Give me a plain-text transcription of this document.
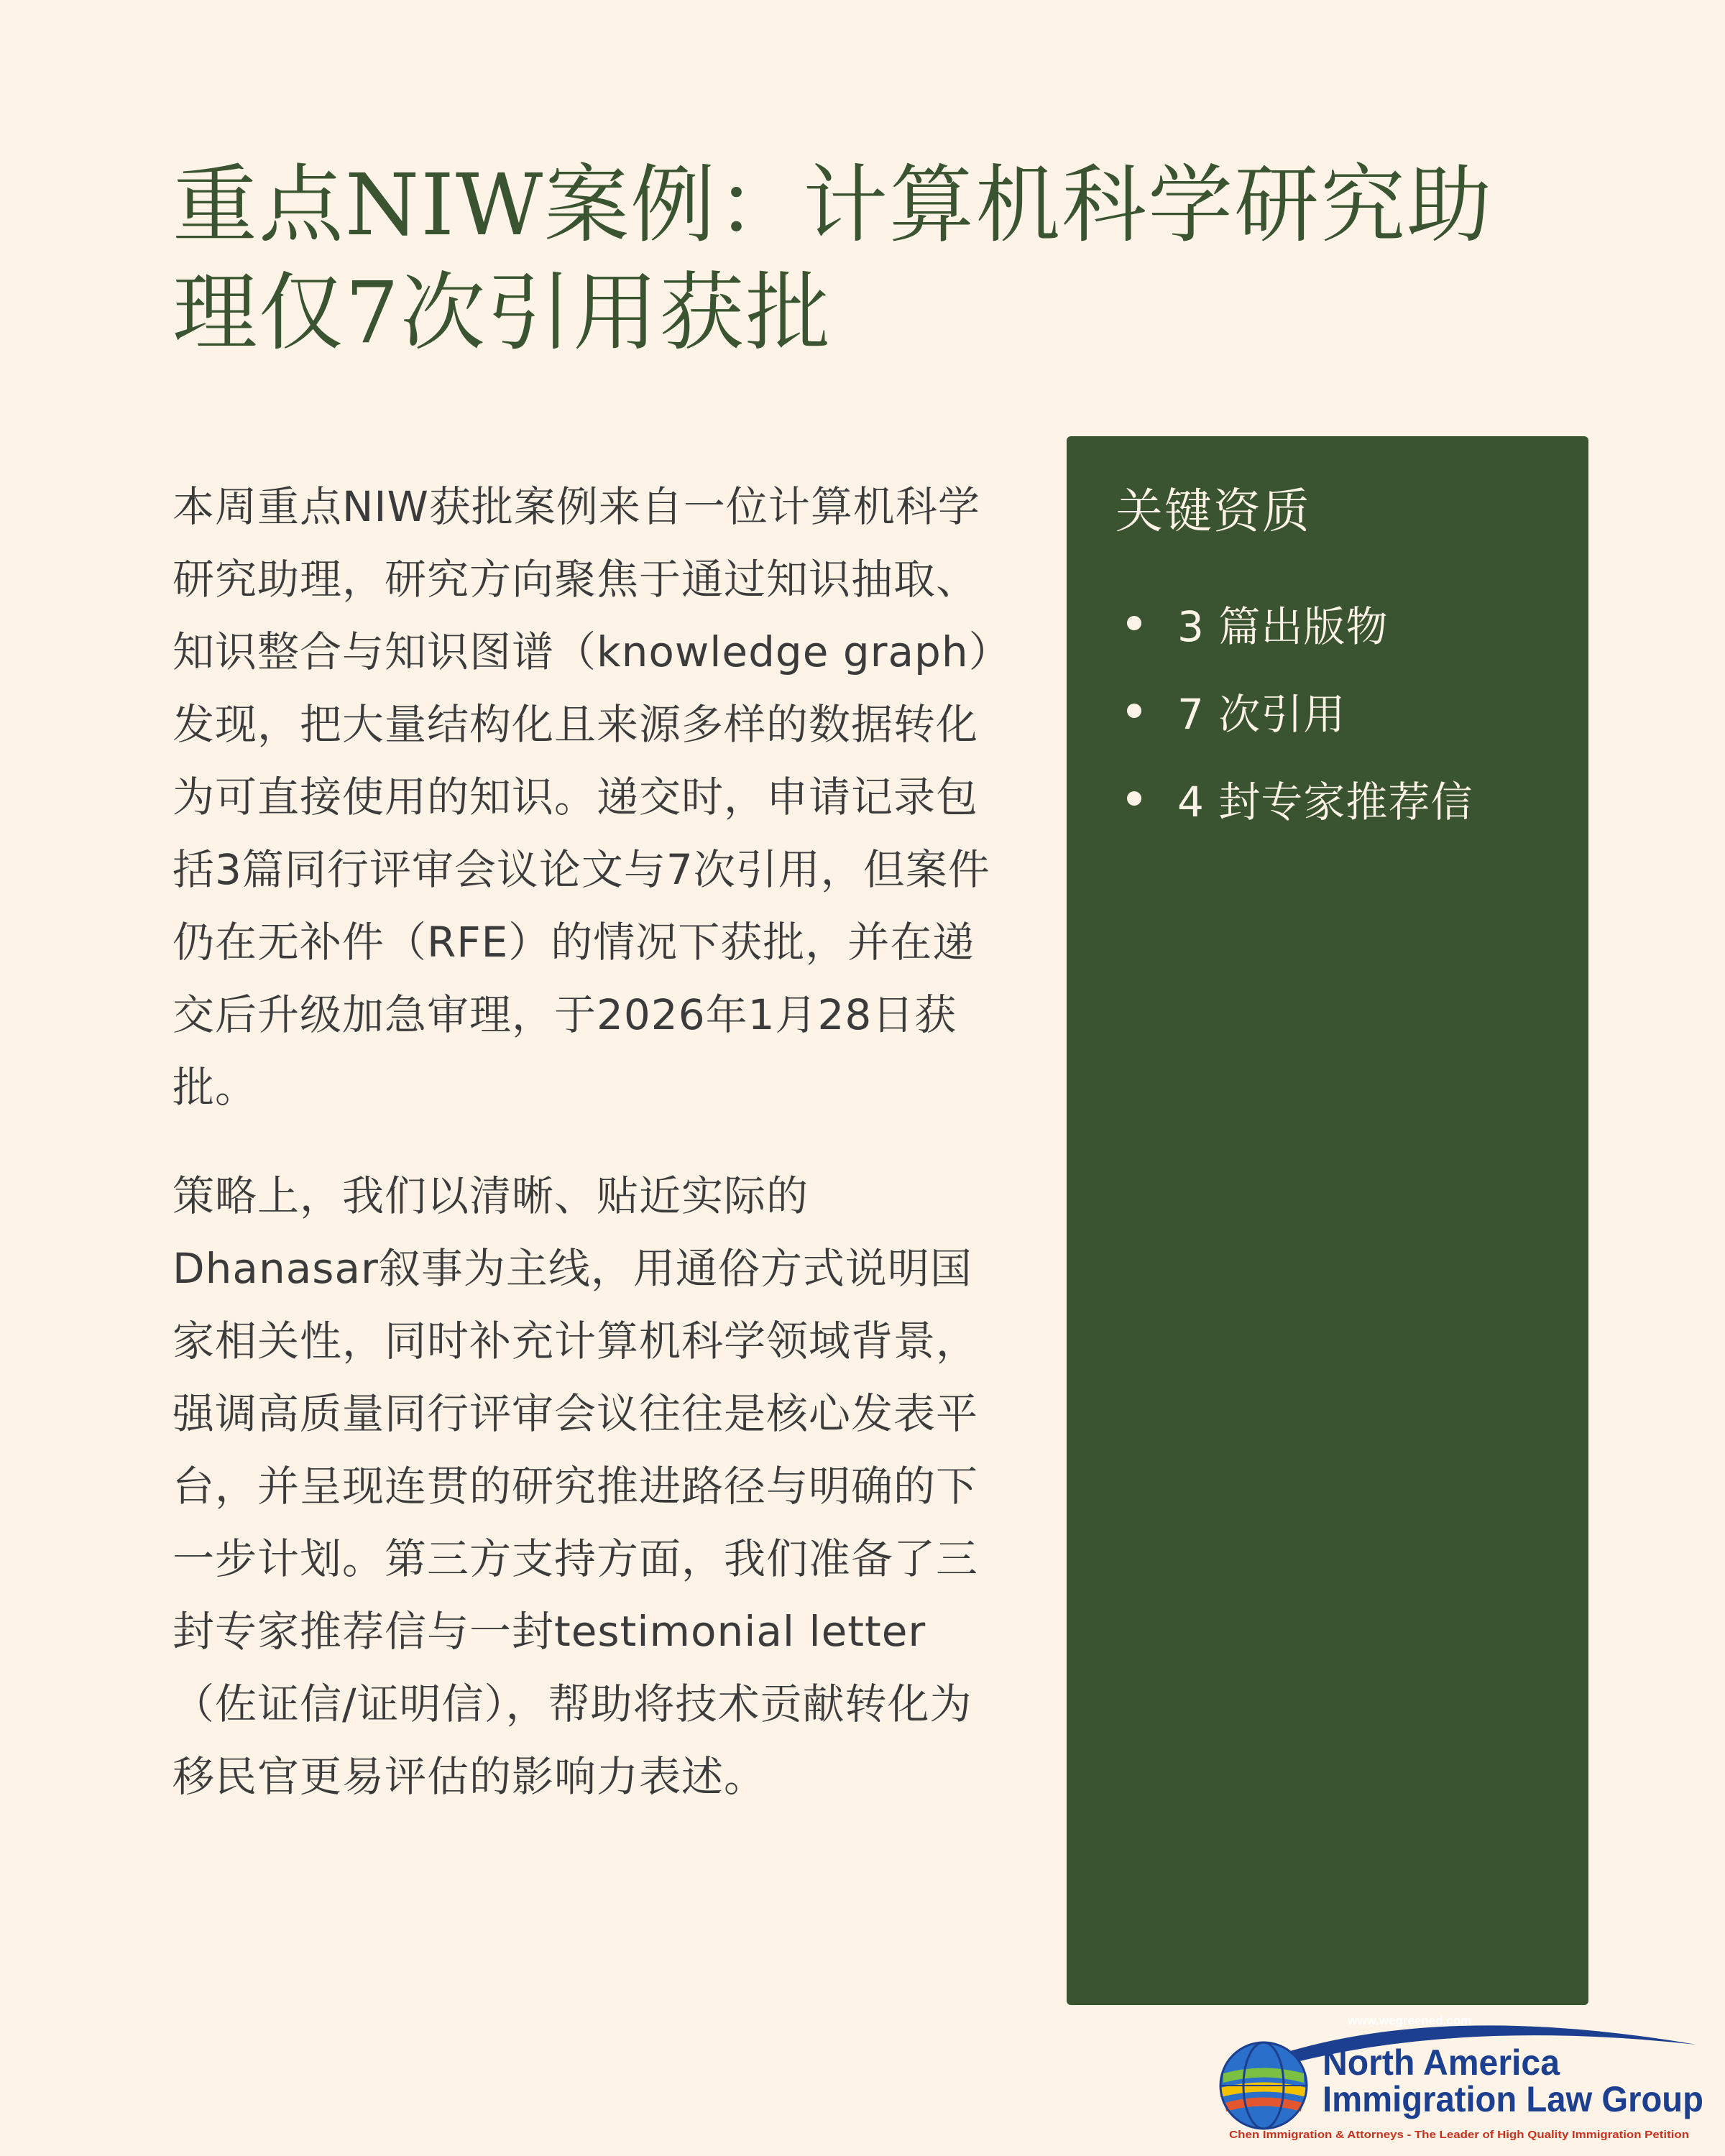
重点NIW案例：计算机科学研究助理仅7次引用获批

本周重点NIW获批案例来自一位计算机科学研究助理，研究方向聚焦于通过知识抽取、知识整合与知识图谱（knowledge graph）发现，把大量结构化且来源多样的数据转化为可直接使用的知识。递交时，申请记录包括3篇同行评审会议论文与7次引用，但案件仍在无补件（RFE）的情况下获批，并在递交后升级加急审理，于2026年1月28日获批。

策略上，我们以清晰、贴近实际的Dhanasar叙事为主线，用通俗方式说明国家相关性，同时补充计算机科学领域背景，强调高质量同行评审会议往往是核心发表平台，并呈现连贯的研究推进路径与明确的下一步计划。第三方支持方面，我们准备了三封专家推荐信与一封testimonial letter（佐证信/证明信），帮助将技术贡献转化为移民官更易评估的影响力表述。

关键资质
3 篇出版物
7 次引用
4 封专家推荐信
www.wegreened.com
North America
Immigration Law Group
Chen Immigration & Attorneys - The Leader of High Quality Immigration Petition
